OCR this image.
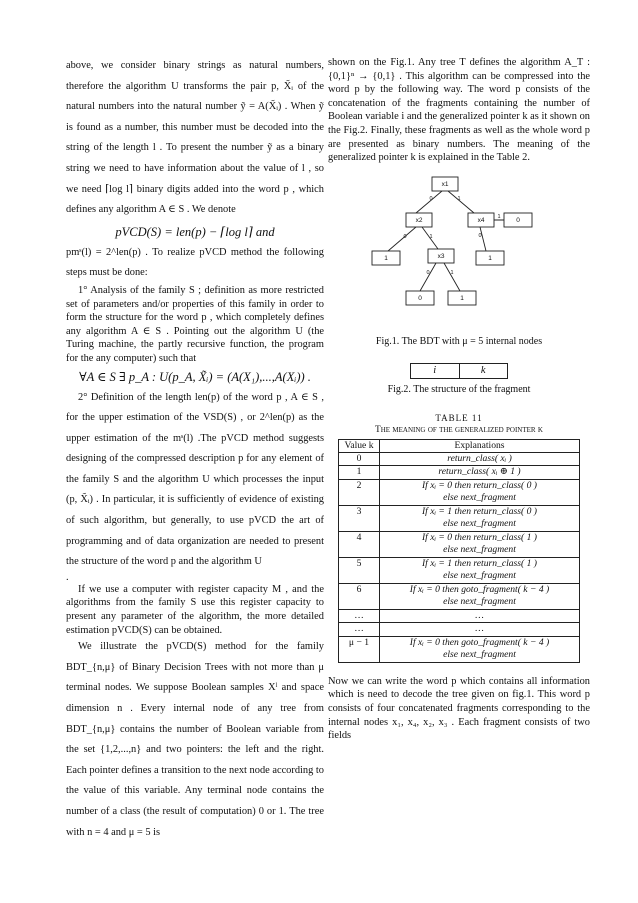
above, we consider binary strings as natural numbers, therefore the algorithm U transforms the pair p, X̃ᵢ of the natural numbers into the natural number ỹ = A(X̃ᵢ) . When ỹ is found as a number, this number must be decoded into the string of the length l . To present the number ỹ as a binary string we need to have information about the value of l , so we need ⌈log l⌉ binary digits added into the word p , which defines any algorithm A ∈ S . We denote

pVCD(S) = len(p) − ⌈log l⌉ and

pmˢ(l) = 2^len(p) . To realize pVCD method the following steps must be done:

1° Analysis of the family S ; definition as more restricted set of parameters and/or properties of this family in order to form the structure for the word p , which completely defines any algorithm A ∈ S . Pointing out the algorithm U (the Turing machine, the partly recursive function, the program for the any computer) such that

∀A ∈ S ∃ p_A : U(p_A, X̃ᵢ) = (A(X₁),...,A(Xᵢ)) .

2° Definition of the length len(p) of the word p , A ∈ S , for the upper estimation of the VSD(S) , or 2^len(p) as the upper estimation of the mˢ(l) .The pVCD method suggests designing of the compressed description p for any element of the family S and the algorithm U which processes the input (p, X̃ᵢ) . In particular, it is sufficiently of evidence of existing of such algorithm, but generally, to use pVCD the art of programming and of data organization are needed to present the structure of the word p and the algorithm U

.

If we use a computer with register capacity M , and the algorithms from the family S use this register capacity to present any parameter of the algorithm, the more detailed estimation pVCD(S) can be obtained.

We illustrate the pVCD(S) method for the family BDT_{n,μ} of Binary Decision Trees with not more than μ terminal nodes. We suppose Boolean samples Xˡ and space dimension n . Every internal node of any tree from BDT_{n,μ} contains the number of Boolean variable from the set {1,2,...,n} and two pointers: the left and the right. Each pointer defines a transition to the next node according to the value of this variable. Any terminal node contains the number of a class (the result of computation) 0 or 1. The tree with n = 4 and μ = 5 is

shown on the Fig.1. Any tree T defines the algorithm A_T : {0,1}ⁿ → {0,1} . This algorithm can be compressed into the word p by the following way. The word p consists of the concatenation of the fragments containing the number of Boolean variable i and the generalized pointer k as it shown on the Fig.2. Finally, these fragments as well as the whole word p are presented as binary numbers. The meaning of the generalized pointer k is explained in the Table 2.

x1
x2	x4
x3
1	1
0
0	1
0	1
0	1
1
0
0	1

Fig.1. The BDT with μ = 5 internal nodes

i	k

Fig.2. The structure of the fragment

TABLE 11
The meaning of the generalized pointer k
Value k	Explanations
0	return_class( xᵢ )

1	return_class( xᵢ ⊕ 1 )

2	If xᵢ = 0 then return_class( 0 )
else next_fragment

3	If xᵢ = 1 then return_class( 0 )
else next_fragment

4	If xᵢ = 0 then return_class( 1 )
else next_fragment

5	If xᵢ = 1 then return_class( 1 )
else next_fragment

6	If xᵢ = 0 then goto_fragment( k − 4 )
else next_fragment

…	…

…	…

μ − 1	If xᵢ = 0 then goto_fragment( k − 4 )
else next_fragment

Now we can write the word p which contains all information which is need to decode the tree given on fig.1. This word p consists of four concatenated fragments corresponding to the internal nodes x₁, x₄, x₂, x₃ . Each fragment consists of two fields
